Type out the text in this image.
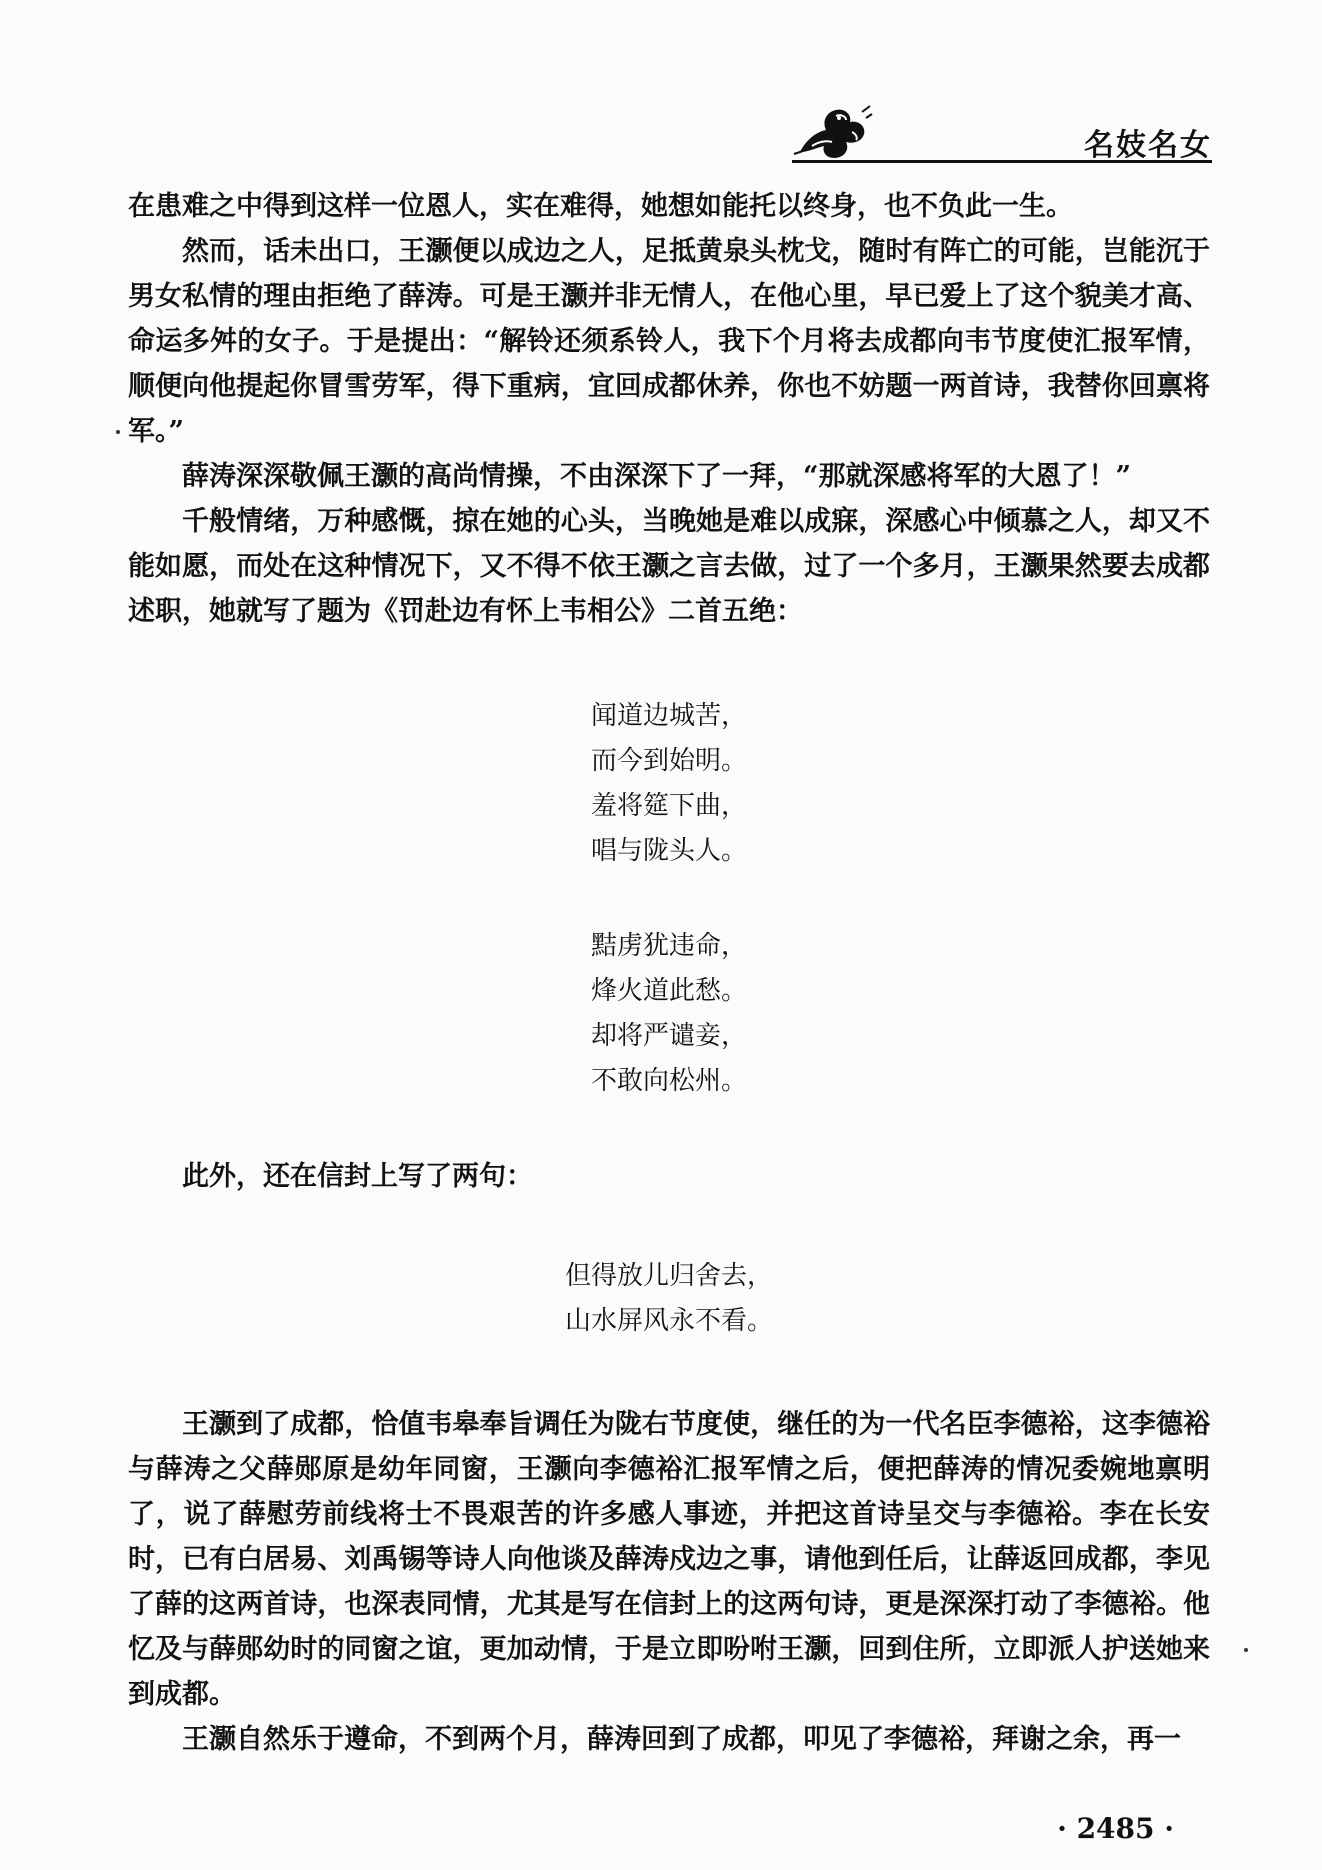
名妓名女

在患难之中得到这样一位恩人，实在难得，她想如能托以终身，也不负此一生。

然而，话未出口，王灏便以成边之人，足抵黄泉头枕戈，随时有阵亡的可能，岂能沉于男女私情的理由拒绝了薛涛。可是王灏并非无情人，在他心里，早已爱上了这个貌美才高、命运多舛的女子。于是提出：“解铃还须系铃人，我下个月将去成都向韦节度使汇报军情，顺便向他提起你冒雪劳军，得下重病，宜回成都休养，你也不妨题一两首诗，我替你回禀将军。”

薛涛深深敬佩王灏的高尚情操，不由深深下了一拜，“那就深感将军的大恩了！”

千般情绪，万种感慨，掠在她的心头，当晚她是难以成寐，深感心中倾慕之人，却又不能如愿，而处在这种情况下，又不得不依王灏之言去做，过了一个多月，王灏果然要去成都述职，她就写了题为《罚赴边有怀上韦相公》二首五绝：

闻道边城苦，
而今到始明。
羞将筵下曲，
唱与陇头人。
黠虏犹违命，
烽火道此愁。
却将严谴妾，
不敢向松州。

此外，还在信封上写了两句：

但得放儿归舍去，
山水屏风永不看。

王灏到了成都，恰值韦皋奉旨调任为陇右节度使，继任的为一代名臣李德裕，这李德裕与薛涛之父薛郧原是幼年同窗，王灏向李德裕汇报军情之后，便把薛涛的情况委婉地禀明了，说了薛慰劳前线将士不畏艰苦的许多感人事迹，并把这首诗呈交与李德裕。李在长安时，已有白居易、刘禹锡等诗人向他谈及薛涛戍边之事，请他到任后，让薛返回成都，李见了薛的这两首诗，也深表同情，尤其是写在信封上的这两句诗，更是深深打动了李德裕。他忆及与薛郧幼时的同窗之谊，更加动情，于是立即吩咐王灏，回到住所，立即派人护送她来到成都。

王灏自然乐于遵命，不到两个月，薛涛回到了成都，叩见了李德裕，拜谢之余，再一

· 2485 ·
